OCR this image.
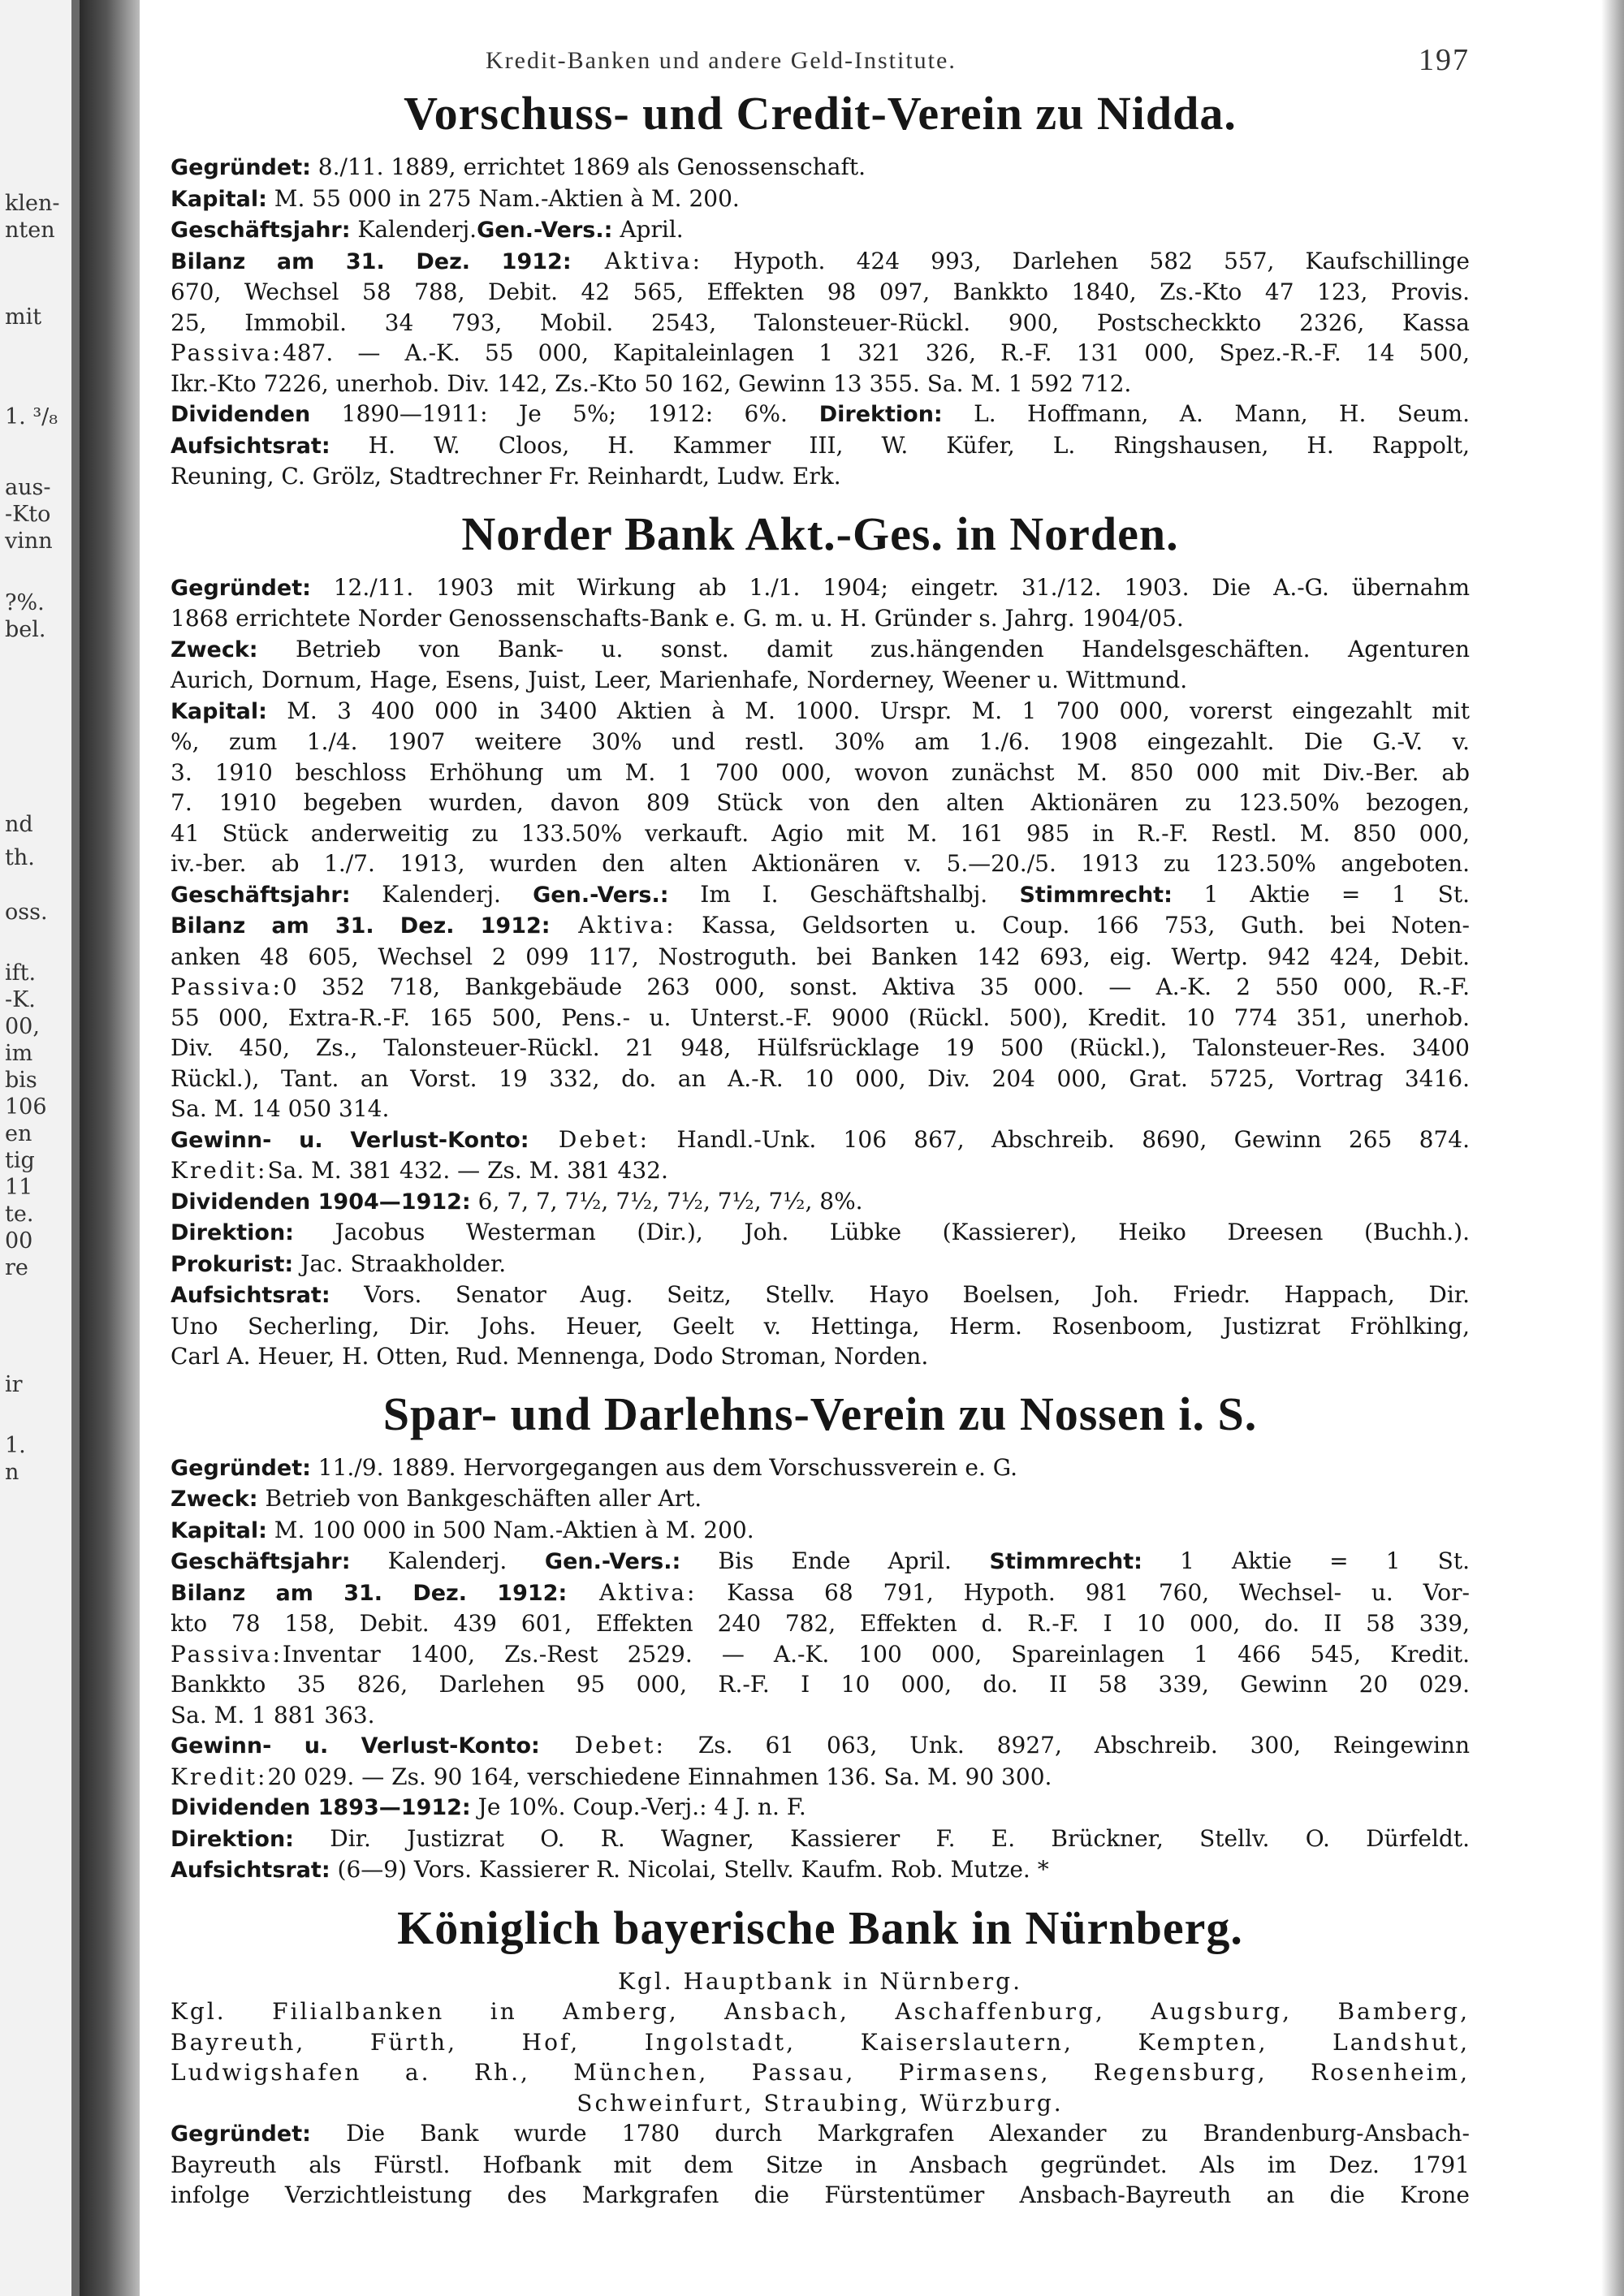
klen-
nten
mit
1. ³/₈
aus-
-Kto
vinn
?%.
bel.
nd
th.
oss.
ift.
-K.
00,
im
bis
106
en
tig
11
te.
00
re
ir
1.
n
Kredit-Banken und andere Geld-Institute.	197
Vorschuss- und Credit-Verein zu Nidda.
Gegründet: 8./11. 1889, errichtet 1869 als Genossenschaft.
Kapital: M. 55 000 in 275 Nam.-Aktien à M. 200.
Geschäftsjahr: Kalenderj.Gen.-Vers.: April.
Bilanz am 31. Dez. 1912: Aktiva: Hypoth. 424 993, Darlehen 582 557, Kaufschillinge
670, Wechsel 58 788, Debit. 42 565, Effekten 98 097, Bankkto 1840, Zs.-Kto 47 123, Provis.
25, Immobil. 34 793, Mobil. 2543, Talonsteuer-Rückl. 900, Postscheckkto 2326, Kassa
Passiva:487. — A.-K. 55 000, Kapitaleinlagen 1 321 326, R.-F. 131 000, Spez.-R.-F. 14 500,
Ikr.-Kto 7226, unerhob. Div. 142, Zs.-Kto 50 162, Gewinn 13 355. Sa. M. 1 592 712.
Dividenden 1890—1911: Je 5%; 1912: 6%. Direktion: L. Hoffmann, A. Mann, H. Seum.
Aufsichtsrat: H. W. Cloos, H. Kammer III, W. Küfer, L. Ringshausen, H. Rappolt,
Reuning, C. Grölz, Stadtrechner Fr. Reinhardt, Ludw. Erk.
Norder Bank Akt.-Ges. in Norden.
Gegründet: 12./11. 1903 mit Wirkung ab 1./1. 1904; eingetr. 31./12. 1903. Die A.-G. übernahm
1868 errichtete Norder Genossenschafts-Bank e. G. m. u. H. Gründer s. Jahrg. 1904/05.
Zweck: Betrieb von Bank- u. sonst. damit zus.hängenden Handelsgeschäften. Agenturen
Aurich, Dornum, Hage, Esens, Juist, Leer, Marienhafe, Norderney, Weener u. Wittmund.
Kapital: M. 3 400 000 in 3400 Aktien à M. 1000. Urspr. M. 1 700 000, vorerst eingezahlt mit
%, zum 1./4. 1907 weitere 30% und restl. 30% am 1./6. 1908 eingezahlt. Die G.-V. v.
3. 1910 beschloss Erhöhung um M. 1 700 000, wovon zunächst M. 850 000 mit Div.-Ber. ab
7. 1910 begeben wurden, davon 809 Stück von den alten Aktionären zu 123.50% bezogen,
41 Stück anderweitig zu 133.50% verkauft. Agio mit M. 161 985 in R.-F. Restl. M. 850 000,
iv.-ber. ab 1./7. 1913, wurden den alten Aktionären v. 5.—20./5. 1913 zu 123.50% angeboten.
Geschäftsjahr: Kalenderj. Gen.-Vers.: Im I. Geschäftshalbj. Stimmrecht: 1 Aktie = 1 St.
Bilanz am 31. Dez. 1912: Aktiva: Kassa, Geldsorten u. Coup. 166 753, Guth. bei Noten-
anken 48 605, Wechsel 2 099 117, Nostroguth. bei Banken 142 693, eig. Wertp. 942 424, Debit.
Passiva:0 352 718, Bankgebäude 263 000, sonst. Aktiva 35 000. — A.-K. 2 550 000, R.-F.
55 000, Extra-R.-F. 165 500, Pens.- u. Unterst.-F. 9000 (Rückl. 500), Kredit. 10 774 351, unerhob.
Div. 450, Zs., Talonsteuer-Rückl. 21 948, Hülfsrücklage 19 500 (Rückl.), Talonsteuer-Res. 3400
Rückl.), Tant. an Vorst. 19 332, do. an A.-R. 10 000, Div. 204 000, Grat. 5725, Vortrag 3416.
Sa. M. 14 050 314.
Gewinn- u. Verlust-Konto: Debet: Handl.-Unk. 106 867, Abschreib. 8690, Gewinn 265 874.
Kredit:Sa. M. 381 432. — Zs. M. 381 432.
Dividenden 1904—1912: 6, 7, 7, 7½, 7½, 7½, 7½, 7½, 8%.
Direktion: Jacobus Westerman (Dir.), Joh. Lübke (Kassierer), Heiko Dreesen (Buchh.).
Prokurist: Jac. Straakholder.
Aufsichtsrat: Vors. Senator Aug. Seitz, Stellv. Hayo Boelsen, Joh. Friedr. Happach, Dir.
Uno Secherling, Dir. Johs. Heuer, Geelt v. Hettinga, Herm. Rosenboom, Justizrat Fröhlking,
Carl A. Heuer, H. Otten, Rud. Mennenga, Dodo Stroman, Norden.
Spar- und Darlehns-Verein zu Nossen i. S.
Gegründet: 11./9. 1889. Hervorgegangen aus dem Vorschussverein e. G.
Zweck: Betrieb von Bankgeschäften aller Art.
Kapital: M. 100 000 in 500 Nam.-Aktien à M. 200.
Geschäftsjahr: Kalenderj. Gen.-Vers.: Bis Ende April. Stimmrecht: 1 Aktie = 1 St.
Bilanz am 31. Dez. 1912: Aktiva: Kassa 68 791, Hypoth. 981 760, Wechsel- u. Vor-
kto 78 158, Debit. 439 601, Effekten 240 782, Effekten d. R.-F. I 10 000, do. II 58 339,
Passiva:Inventar 1400, Zs.-Rest 2529. — A.-K. 100 000, Spareinlagen 1 466 545, Kredit.
Bankkto 35 826, Darlehen 95 000, R.-F. I 10 000, do. II 58 339, Gewinn 20 029.
Sa. M. 1 881 363.
Gewinn- u. Verlust-Konto: Debet: Zs. 61 063, Unk. 8927, Abschreib. 300, Reingewinn
Kredit:20 029. — Zs. 90 164, verschiedene Einnahmen 136. Sa. M. 90 300.
Dividenden 1893—1912: Je 10%. Coup.-Verj.: 4 J. n. F.
Direktion: Dir. Justizrat O. R. Wagner, Kassierer F. E. Brückner, Stellv. O. Dürfeldt.
Aufsichtsrat: (6—9) Vors. Kassierer R. Nicolai, Stellv. Kaufm. Rob. Mutze. *
Königlich bayerische Bank in Nürnberg.
Kgl. Hauptbank in Nürnberg.
Kgl. Filialbanken in Amberg, Ansbach, Aschaffenburg, Augsburg, Bamberg,
Bayreuth, Fürth, Hof, Ingolstadt, Kaiserslautern, Kempten, Landshut,
Ludwigshafen a. Rh., München, Passau, Pirmasens, Regensburg, Rosenheim,
Schweinfurt, Straubing, Würzburg.
Gegründet: Die Bank wurde 1780 durch Markgrafen Alexander zu Brandenburg-Ansbach-
Bayreuth als Fürstl. Hofbank mit dem Sitze in Ansbach gegründet. Als im Dez. 1791
infolge Verzichtleistung des Markgrafen die Fürstentümer Ansbach-Bayreuth an die Krone
